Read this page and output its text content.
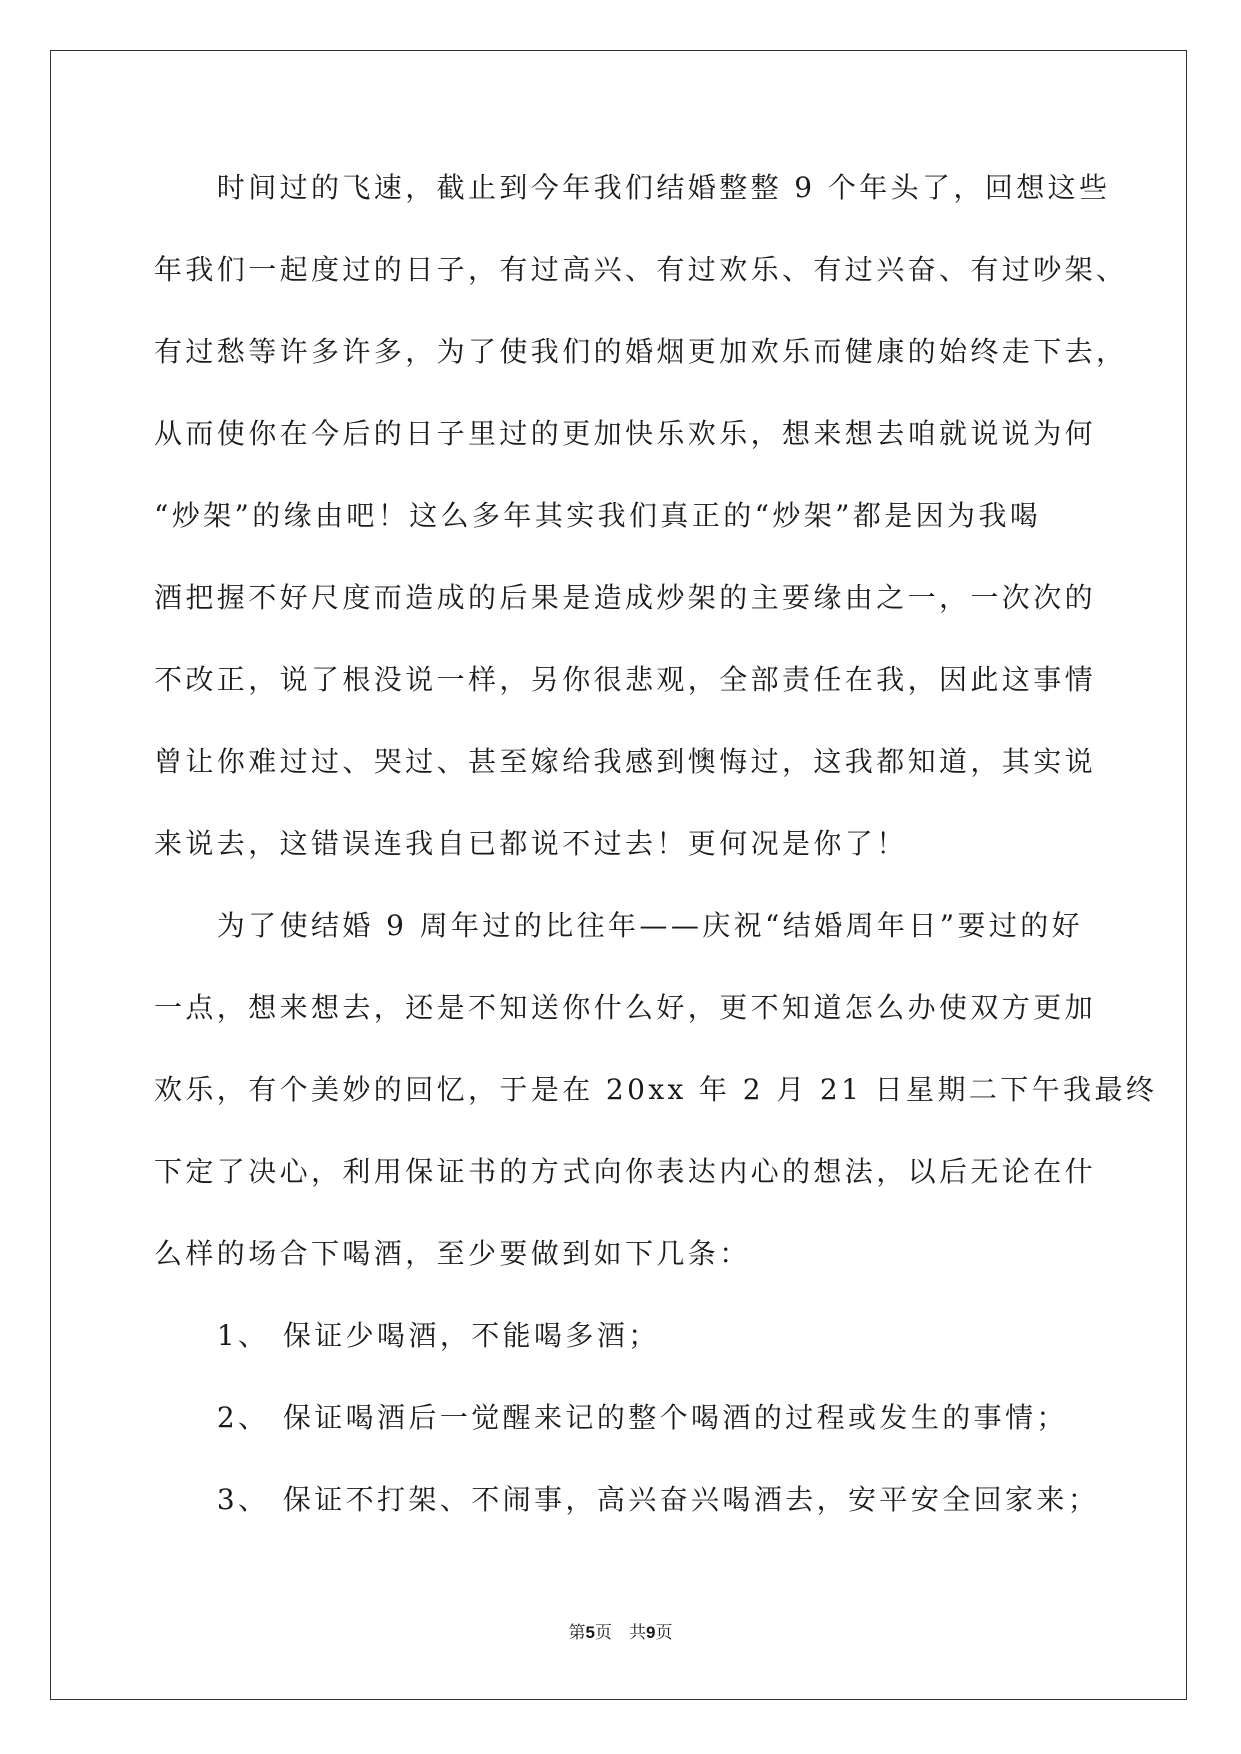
　　时间过的飞速，截止到今年我们结婚整整 9 个年头了，回想这些
年我们一起度过的日子，有过高兴、有过欢乐、有过兴奋、有过吵架、
有过愁等许多许多，为了使我们的婚烟更加欢乐而健康的始终走下去，
从而使你在今后的日子里过的更加快乐欢乐，想来想去咱就说说为何
“炒架”的缘由吧！这么多年其实我们真正的“炒架”都是因为我喝
酒把握不好尺度而造成的后果是造成炒架的主要缘由之一，一次次的
不改正，说了根没说一样，另你很悲观，全部责任在我，因此这事情
曾让你难过过、哭过、甚至嫁给我感到懊悔过，这我都知道，其实说
来说去，这错误连我自已都说不过去！更何况是你了！
　　为了使结婚 9 周年过的比往年——庆祝“结婚周年日”要过的好
一点，想来想去，还是不知送你什么好，更不知道怎么办使双方更加
欢乐，有个美妙的回忆，于是在 20xx 年 2 月 21 日星期二下午我最终
下定了决心，利用保证书的方式向你表达内心的想法，以后无论在什
么样的场合下喝酒，至少要做到如下几条：
　　1、 保证少喝酒，不能喝多酒；
　　2、 保证喝酒后一觉醒来记的整个喝酒的过程或发生的事情；
　　3、 保证不打架、不闹事，高兴奋兴喝酒去，安平安全回家来；
第5页　共9页
